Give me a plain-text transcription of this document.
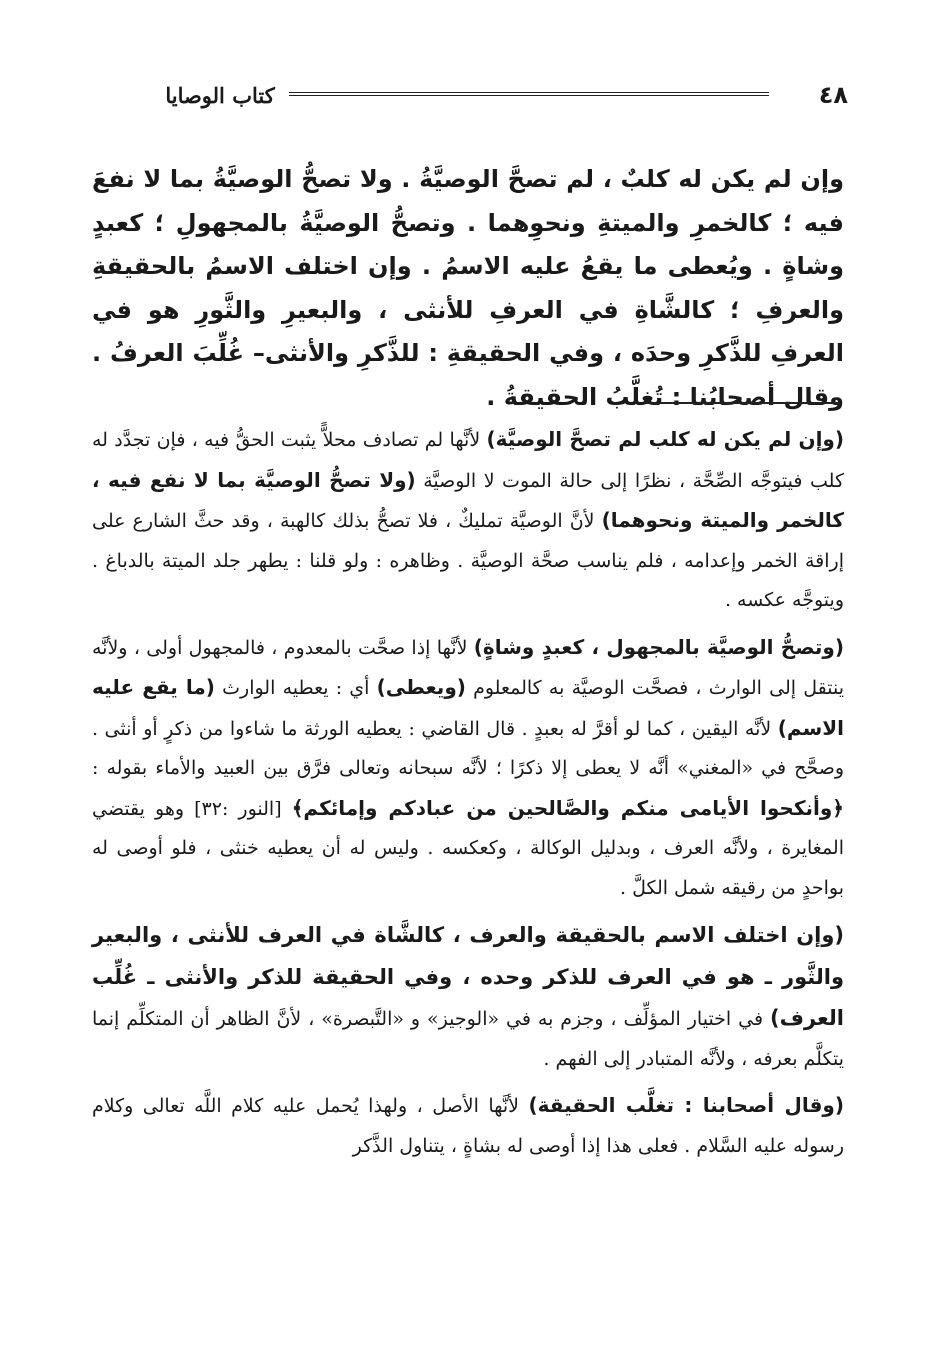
٤٨
كتاب الوصايا
وإن لم يكن له كلبٌ ، لم تصحَّ الوصيَّةُ . ولا تصحُّ الوصيَّةُ بما لا نفعَ فيه ؛ كالخمرِ والميتةِ ونحوِهما . وتصحُّ الوصيَّةُ بالمجهولِ ؛ كعبدٍ وشاةٍ . ويُعطى ما يقعُ عليه الاسمُ . وإن اختلف الاسمُ بالحقيقةِ والعرفِ ؛ كالشَّاةِ في العرفِ للأنثى ، والبعيرِ والثَّورِ هو في العرفِ للذَّكرِ وحدَه ، وفي الحقيقةِ : للذَّكرِ والأنثى– غُلِّبَ العرفُ . وقال أصحابُنا : تُغلَّبُ الحقيقةُ .

(وإن لم يكن له كلب لم تصحَّ الوصيَّة) لأنَّها لم تصادف محلاًّ يثبت الحقُّ فيه ، فإن تجدَّد له كلب فيتوجَّه الصِّحَّة ، نظرًا إلى حالة الموت لا الوصيَّة (ولا تصحُّ الوصيَّة بما لا نفع فيه ، كالخمر والميتة ونحوهما) لأنَّ الوصيَّة تمليكٌ ، فلا تصحُّ بذلك كالهبة ، وقد حثَّ الشارع على إراقة الخمر وإعدامه ، فلم يناسب صحَّة الوصيَّة . وظاهره : ولو قلنا : يطهر جلد الميتة بالدباغ . ويتوجَّه عكسه .

(وتصحُّ الوصيَّة بالمجهول ، كعبدٍ وشاةٍ) لأنَّها إذا صحَّت بالمعدوم ، فالمجهول أولى ، ولأنَّه ينتقل إلى الوارث ، فصحَّت الوصيَّة به كالمعلوم (ويعطى) أي : يعطيه الوارث (ما يقع عليه الاسم) لأنَّه اليقين ، كما لو أقرَّ له بعبدٍ . قال القاضي : يعطيه الورثة ما شاءوا من ذكرٍ أو أنثى . وصحَّح في «المغني» أنَّه لا يعطى إلا ذكرًا ؛ لأنَّه سبحانه وتعالى فرَّق بين العبيد والأماء بقوله : ﴿وأنكحوا الأيامى منكم والصَّالحين من عبادكم وإمائكم﴾ [النور :٣٢] وهو يقتضي المغايرة ، ولأنَّه العرف ، وبدليل الوكالة ، وكعكسه . وليس له أن يعطيه خنثى ، فلو أوصى له بواحدٍ من رقيقه شمل الكلَّ .

(وإن اختلف الاسم بالحقيقة والعرف ، كالشَّاة في العرف للأنثى ، والبعير والثَّور ـ هو في العرف للذكر وحده ، وفي الحقيقة للذكر والأنثى ـ غُلِّب العرف) في اختيار المؤلِّف ، وجزم به في «الوجيز» و «التَّبصرة» ، لأنَّ الظاهر أن المتكلِّم إنما يتكلَّم بعرفه ، ولأنَّه المتبادر إلى الفهم .

(وقال أصحابنا : تغلَّب الحقيقة) لأنَّها الأصل ، ولهذا يُحمل عليه كلام اللَّه تعالى وكلام رسوله عليه السَّلام . فعلى هذا إذا أوصى له بشاةٍ ، يتناول الذَّكر
